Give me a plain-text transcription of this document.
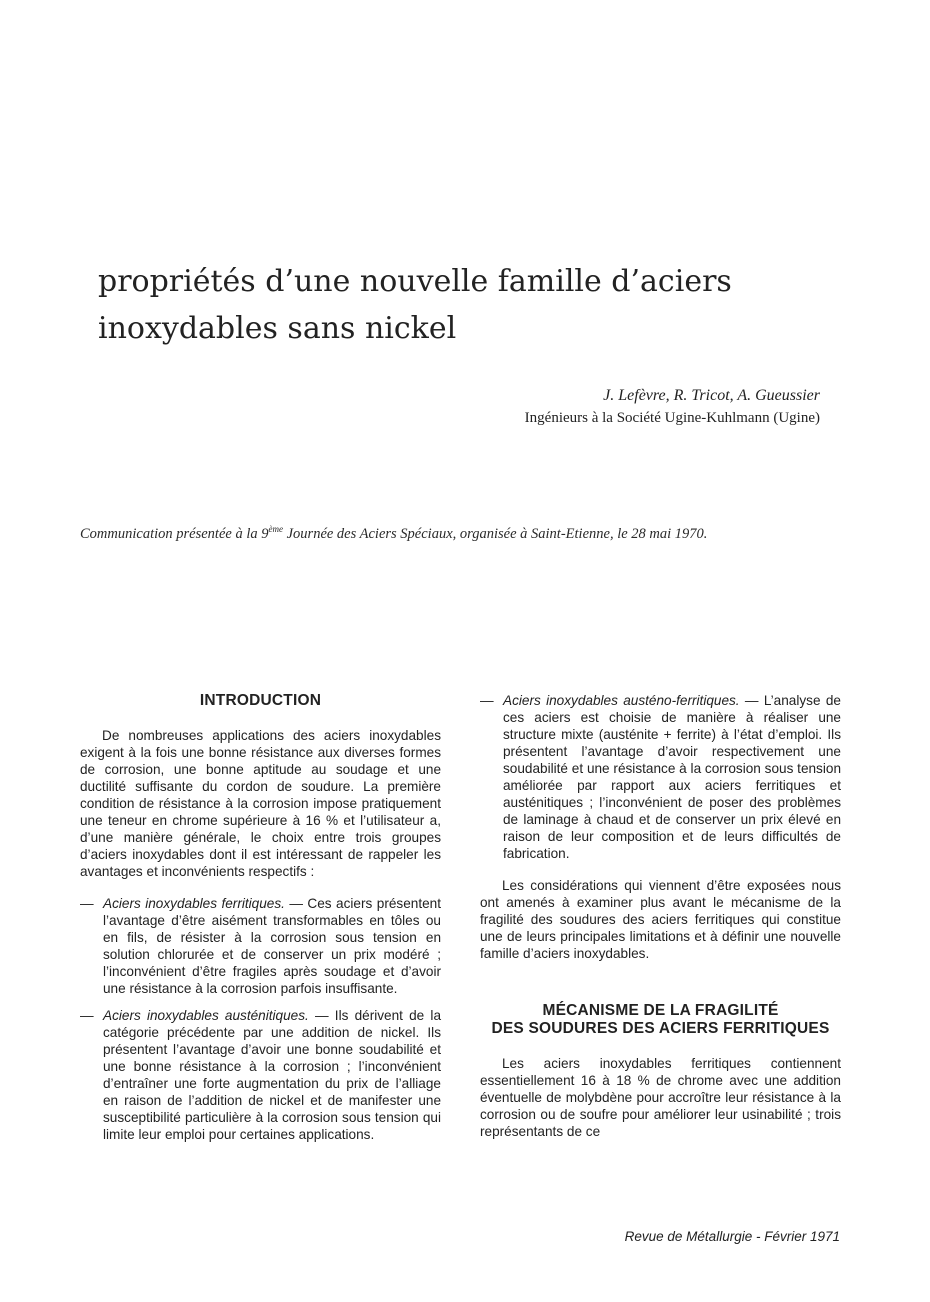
propriétés d’une nouvelle famille d’aciers
inoxydables sans nickel
J. Lefèvre, R. Tricot, A. Gueussier
Ingénieurs à la Société Ugine-Kuhlmann (Ugine)
Communication présentée à la 9ème Journée des Aciers Spéciaux, organisée à Saint-Etienne, le 28 mai 1970.
INTRODUCTION

De nombreuses applications des aciers inoxydables exigent à la fois une bonne résistance aux diverses formes de corrosion, une bonne aptitude au soudage et une ductilité suffisante du cordon de soudure. La première condition de résistance à la corrosion impose pratiquement une teneur en chrome supérieure à 16 % et l’utilisateur a, d’une manière générale, le choix entre trois groupes d’aciers inoxydables dont il est intéressant de rappeler les avantages et inconvénients respectifs :

— Aciers inoxydables ferritiques. — Ces aciers présentent l’avantage d’être aisément transformables en tôles ou en fils, de résister à la corrosion sous tension en solution chlorurée et de conserver un prix modéré ; l’inconvénient d’être fragiles après soudage et d’avoir une résistance à la corrosion parfois insuffisante.
— Aciers inoxydables austénitiques. — Ils dérivent de la catégorie précédente par une addition de nickel. Ils présentent l’avantage d’avoir une bonne soudabilité et une bonne résistance à la corrosion ; l’inconvénient d’entraîner une forte augmentation du prix de l’alliage en raison de l’addition de nickel et de manifester une susceptibilité particulière à la corrosion sous tension qui limite leur emploi pour certaines applications.
— Aciers inoxydables austéno-ferritiques. — L’analyse de ces aciers est choisie de manière à réaliser une structure mixte (austénite + ferrite) à l’état d’emploi. Ils présentent l’avantage d’avoir respectivement une soudabilité et une résistance à la corrosion sous tension améliorée par rapport aux aciers ferritiques et austénitiques ; l’inconvénient de poser des problèmes de laminage à chaud et de conserver un prix élevé en raison de leur composition et de leurs difficultés de fabrication.

Les considérations qui viennent d’être exposées nous ont amenés à examiner plus avant le mécanisme de la fragilité des soudures des aciers ferritiques qui constitue une de leurs principales limitations et à définir une nouvelle famille d’aciers inoxydables.

MÉCANISME DE LA FRAGILITÉ
DES SOUDURES DES ACIERS FERRITIQUES

Les aciers inoxydables ferritiques contiennent essentiellement 16 à 18 % de chrome avec une addition éventuelle de molybdène pour accroître leur résistance à la corrosion ou de soufre pour améliorer leur usinabilité ; trois représentants de ce

Revue de Métallurgie - Février 1971
